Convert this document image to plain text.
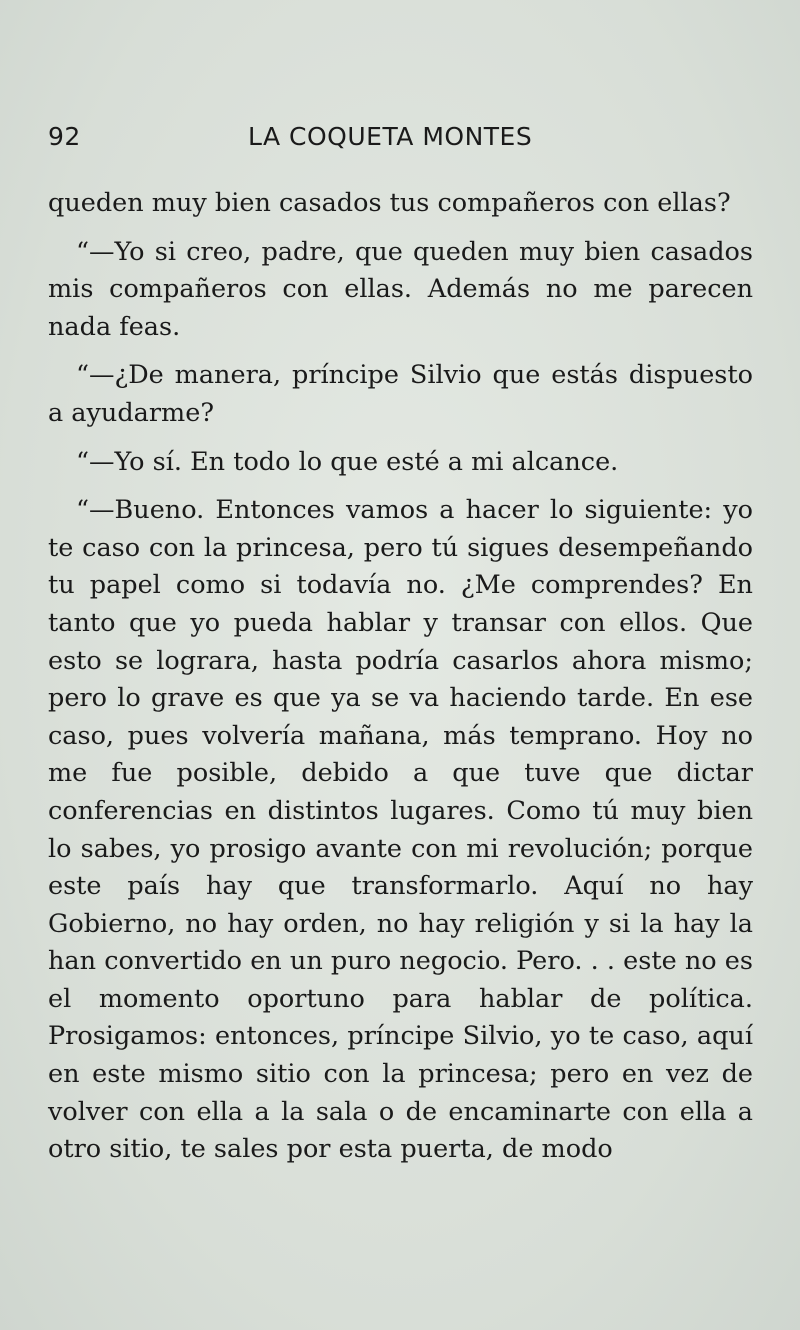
92	LA COQUETA MONTES

queden muy bien casados tus compañeros con ellas?

“—Yo si creo, padre, que queden muy bien casados mis compañeros con ellas. Además no me parecen nada feas.

“—¿De manera, príncipe Silvio que estás dispuesto a ayudarme?

“—Yo sí. En todo lo que esté a mi alcance.

“—Bueno. Entonces vamos a hacer lo siguiente: yo te caso con la princesa, pero tú sigues desempeñando tu papel como si todavía no. ¿Me comprendes? En tanto que yo pueda hablar y transar con ellos. Que esto se lograra, hasta podría casarlos ahora mismo; pero lo grave es que ya se va haciendo tarde. En ese caso, pues volvería mañana, más temprano. Hoy no me fue posible, debido a que tuve que dictar conferencias en distintos lugares. Como tú muy bien lo sabes, yo prosigo avante con mi revolución; porque este país hay que transformarlo. Aquí no hay Gobierno, no hay orden, no hay religión y si la hay la han convertido en un puro negocio. Pero. . . este no es el momento oportuno para hablar de política. Prosigamos: entonces, príncipe Silvio, yo te caso, aquí en este mismo sitio con la princesa; pero en vez de volver con ella a la sala o de encaminarte con ella a otro sitio, te sales por esta puerta, de modo
